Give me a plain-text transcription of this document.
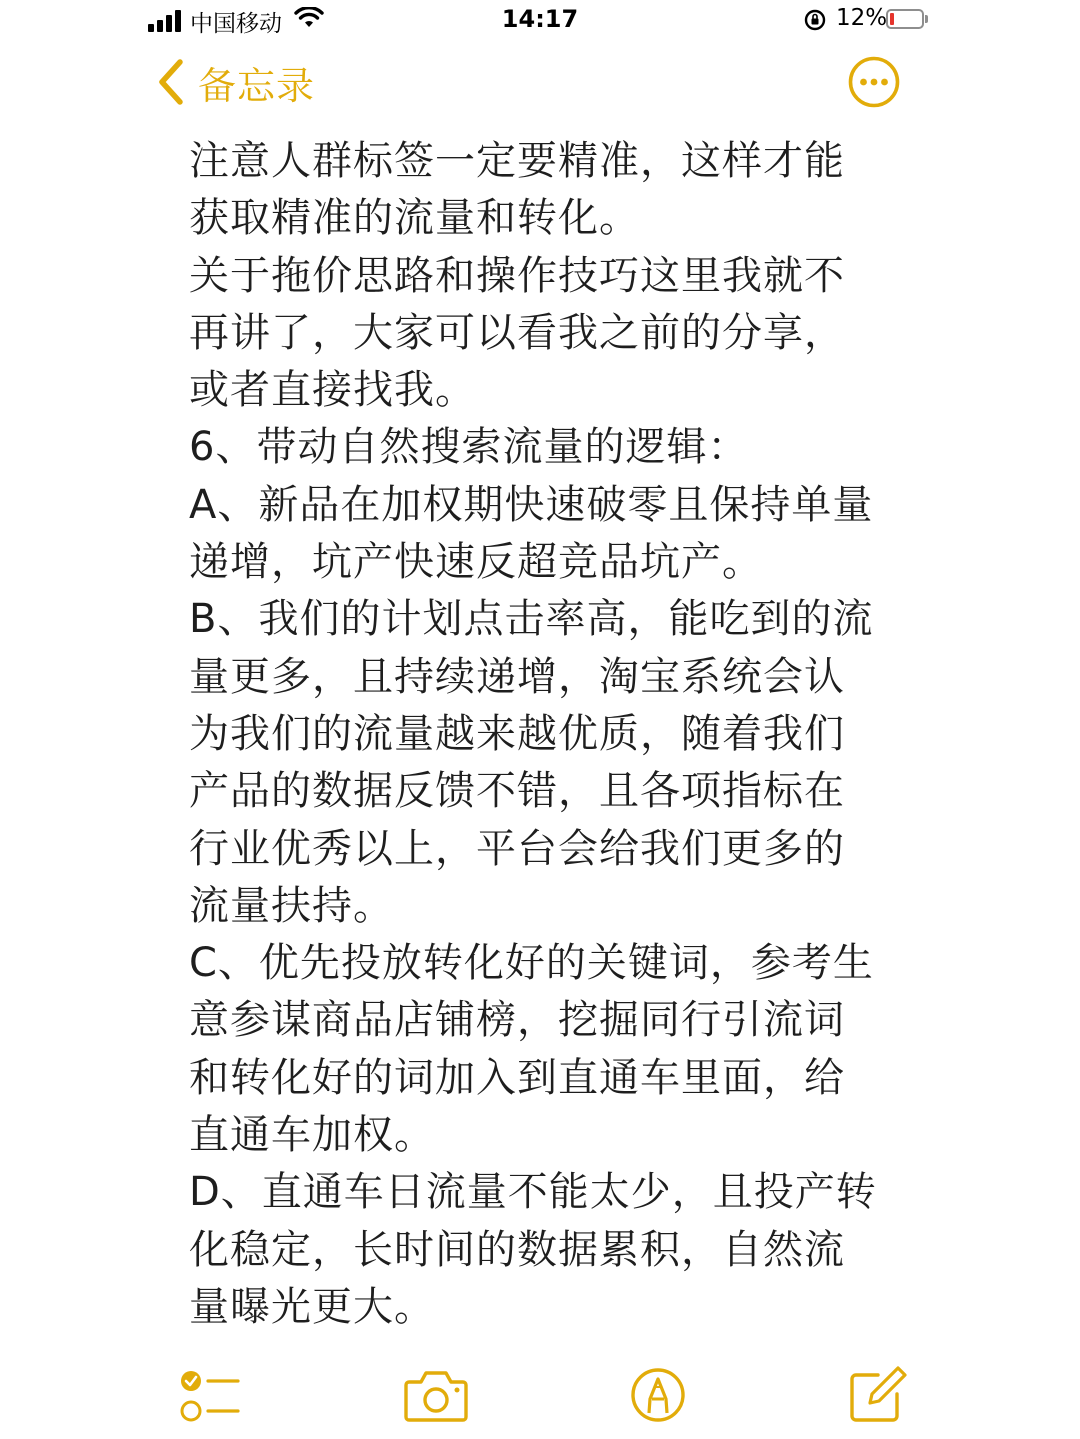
中国移动	14:17	12%
备忘录
注意人群标签一定要精准，这样才能
获取精准的流量和转化。
关于拖价思路和操作技巧这里我就不
再讲了，大家可以看我之前的分享，
或者直接找我。
6、带动自然搜索流量的逻辑：
A、新品在加权期快速破零且保持单量
递增，坑产快速反超竞品坑产。
B、我们的计划点击率高，能吃到的流
量更多，且持续递增，淘宝系统会认
为我们的流量越来越优质，随着我们
产品的数据反馈不错，且各项指标在
行业优秀以上，平台会给我们更多的
流量扶持。
C、优先投放转化好的关键词，参考生
意参谋商品店铺榜，挖掘同行引流词
和转化好的词加入到直通车里面，给
直通车加权。
D、直通车日流量不能太少，且投产转
化稳定，长时间的数据累积，自然流
量曝光更大。
